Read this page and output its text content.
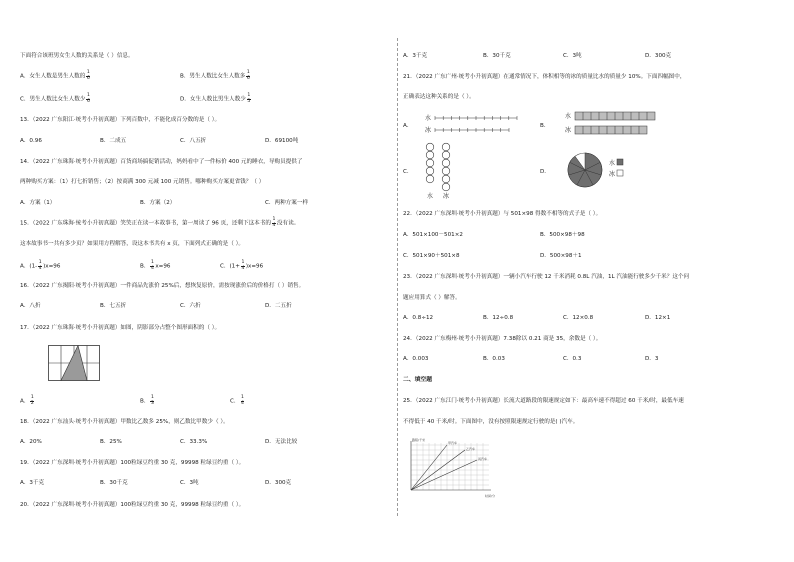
下面符合该班男女生人数的关系是（ ）信息。
A．女生人数是男生人数的 $\frac{1}{6}$	B．男生人数比女生人数多 $\frac{1}{6}$
C．男生人数比女生人数少 $\frac{1}{6}$	D．女生人数比男生人数少 $\frac{1}{5}$
13．（2022 广东阳江·统考小升初真题）下列百数中，不能化成百分数的是（ ）。
A．0.96	B．二成五	C．八五折	D．69100吨
14．（2022 广东珠海·统考小升初真题）百货商场搞促销活动，妈妈看中了一件标价 400 元的睡衣，导购员提供了
两种购买方案：（1）打七折销售；（2）按商满 300 元减 100 元销售。哪种购买方案更省钱？（ ）
A．方案（1）	B．方案（2）	C．两种方案一样
15．（2022 广东珠海·统考小升初真题）笑笑正在读一本故事书，第一周读了 96 页，还剩下这本书的 $\frac{1}{4}$ 没有读。
这本故事书一共有多少页？如果用方程解答，设这本书共有 x 页，下面列式正确的是（ ）。
A．$(1- \frac{1}{4} )x=96$	B． $\frac{1}{4} x=96$	C．$(1+ \frac{1}{4} )x=96$
16．（2022 广东揭阳·统考小升初真题）一件商品先涨价 25%后，想恢复原价，需按现涨价后的价格打（ ）销售。
A．八折	B．七五折	C．六折	D．二五折
17．（2022 广东珠海·统考小升初真题）如图，阴影部分占整个图形面积的（ ）。
A． $\frac{1}{2}$	B． $\frac{1}{3}$	C． $\frac{1}{4}$
18．（2022 广东汕头·统考小升初真题）甲数比乙数多 25%，则乙数比甲数少（ ）。
A．20%	B．25%	C．33.3%	D．无法比较
19．（2022 广东深圳·统考小升初真题）100粒绿豆约重 30 克，99998 粒绿豆约重（ ）。
A．3千克	B．30千克	C．3吨	D．300克
20．（2022 广东深圳·统考小升初真题）100粒绿豆约重 30 克，99998 粒绿豆约重（ ）。
A．3千克	B．30千克	C．3吨	D．300克
21．（2022 广东广州·统考小升初真题）在通常情况下，体积相等的冰的质量比水的质量少 10%。下面四幅图中，
正确表达这种关系的是（ ）。
A．
水
冰
B．
水
冰
C．
水 冰
D．
水
冰
22．（2022 广东深圳·统考小升初真题）与 501×98 得数不相等的式子是（ ）。
A．501×100－501×2	B．500×98＋98
C．501×90＋501×8	D．500×98＋1
23．（2022 广东深圳·统考小升初真题）一辆小汽车行驶 12 千米消耗 0.8L 汽油，1L 汽油能行驶多少千米？这个问
题应用算式（ ）解答。
A．0.8÷12	B．12÷0.8	C．12×0.8	D．12×1
24．（2022 广东梅州·统考小升初真题）7.38除以 0.21 商是 35，余数是（ ）。
A．0.003	B．0.03	C．0.3	D．3
二、填空题
25．（2022 广东江门·统考小升初真题）长流大道路段的限速规定如下：最高车速不得超过 60 千米/时，最低车速
不得低于 40 千米/时。下面图中，没有按照限速规定行驶的是( )汽车。
路程/千米
时间/分
甲汽车
乙汽车
丙汽车
